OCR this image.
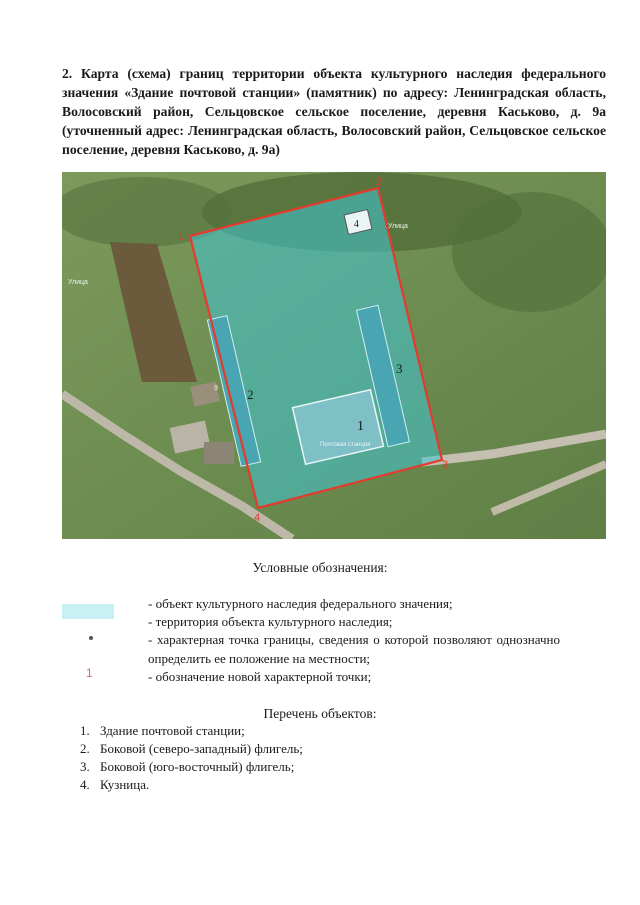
2. Карта (схема) границ территории объекта культурного наследия федерального значения «Здание почтовой станции» (памятник) по адресу: Ленинградская область, Волосовский район, Сельцовское сельское поселение, деревня Каськово, д. 9а (уточненный адрес: Ленинградская область, Волосовский район, Сельцовское сельское поселение, деревня Каськово, д. 9а)

1
2
3
4
Почтовая станция
1
2
3
4
Улица
Улица
9
Условные обозначения:
1
- объект культурного наследия федерального значения;
- территория объекта культурного наследия;
- характерная точка границы, сведения о которой позволяют однозначно определить ее положение на местности;
- обозначение новой характерной точки;
Перечень объектов:
1. Здание почтовой станции;
2. Боковой (северо-западный) флигель;
3. Боковой (юго-восточный) флигель;
4. Кузница.
